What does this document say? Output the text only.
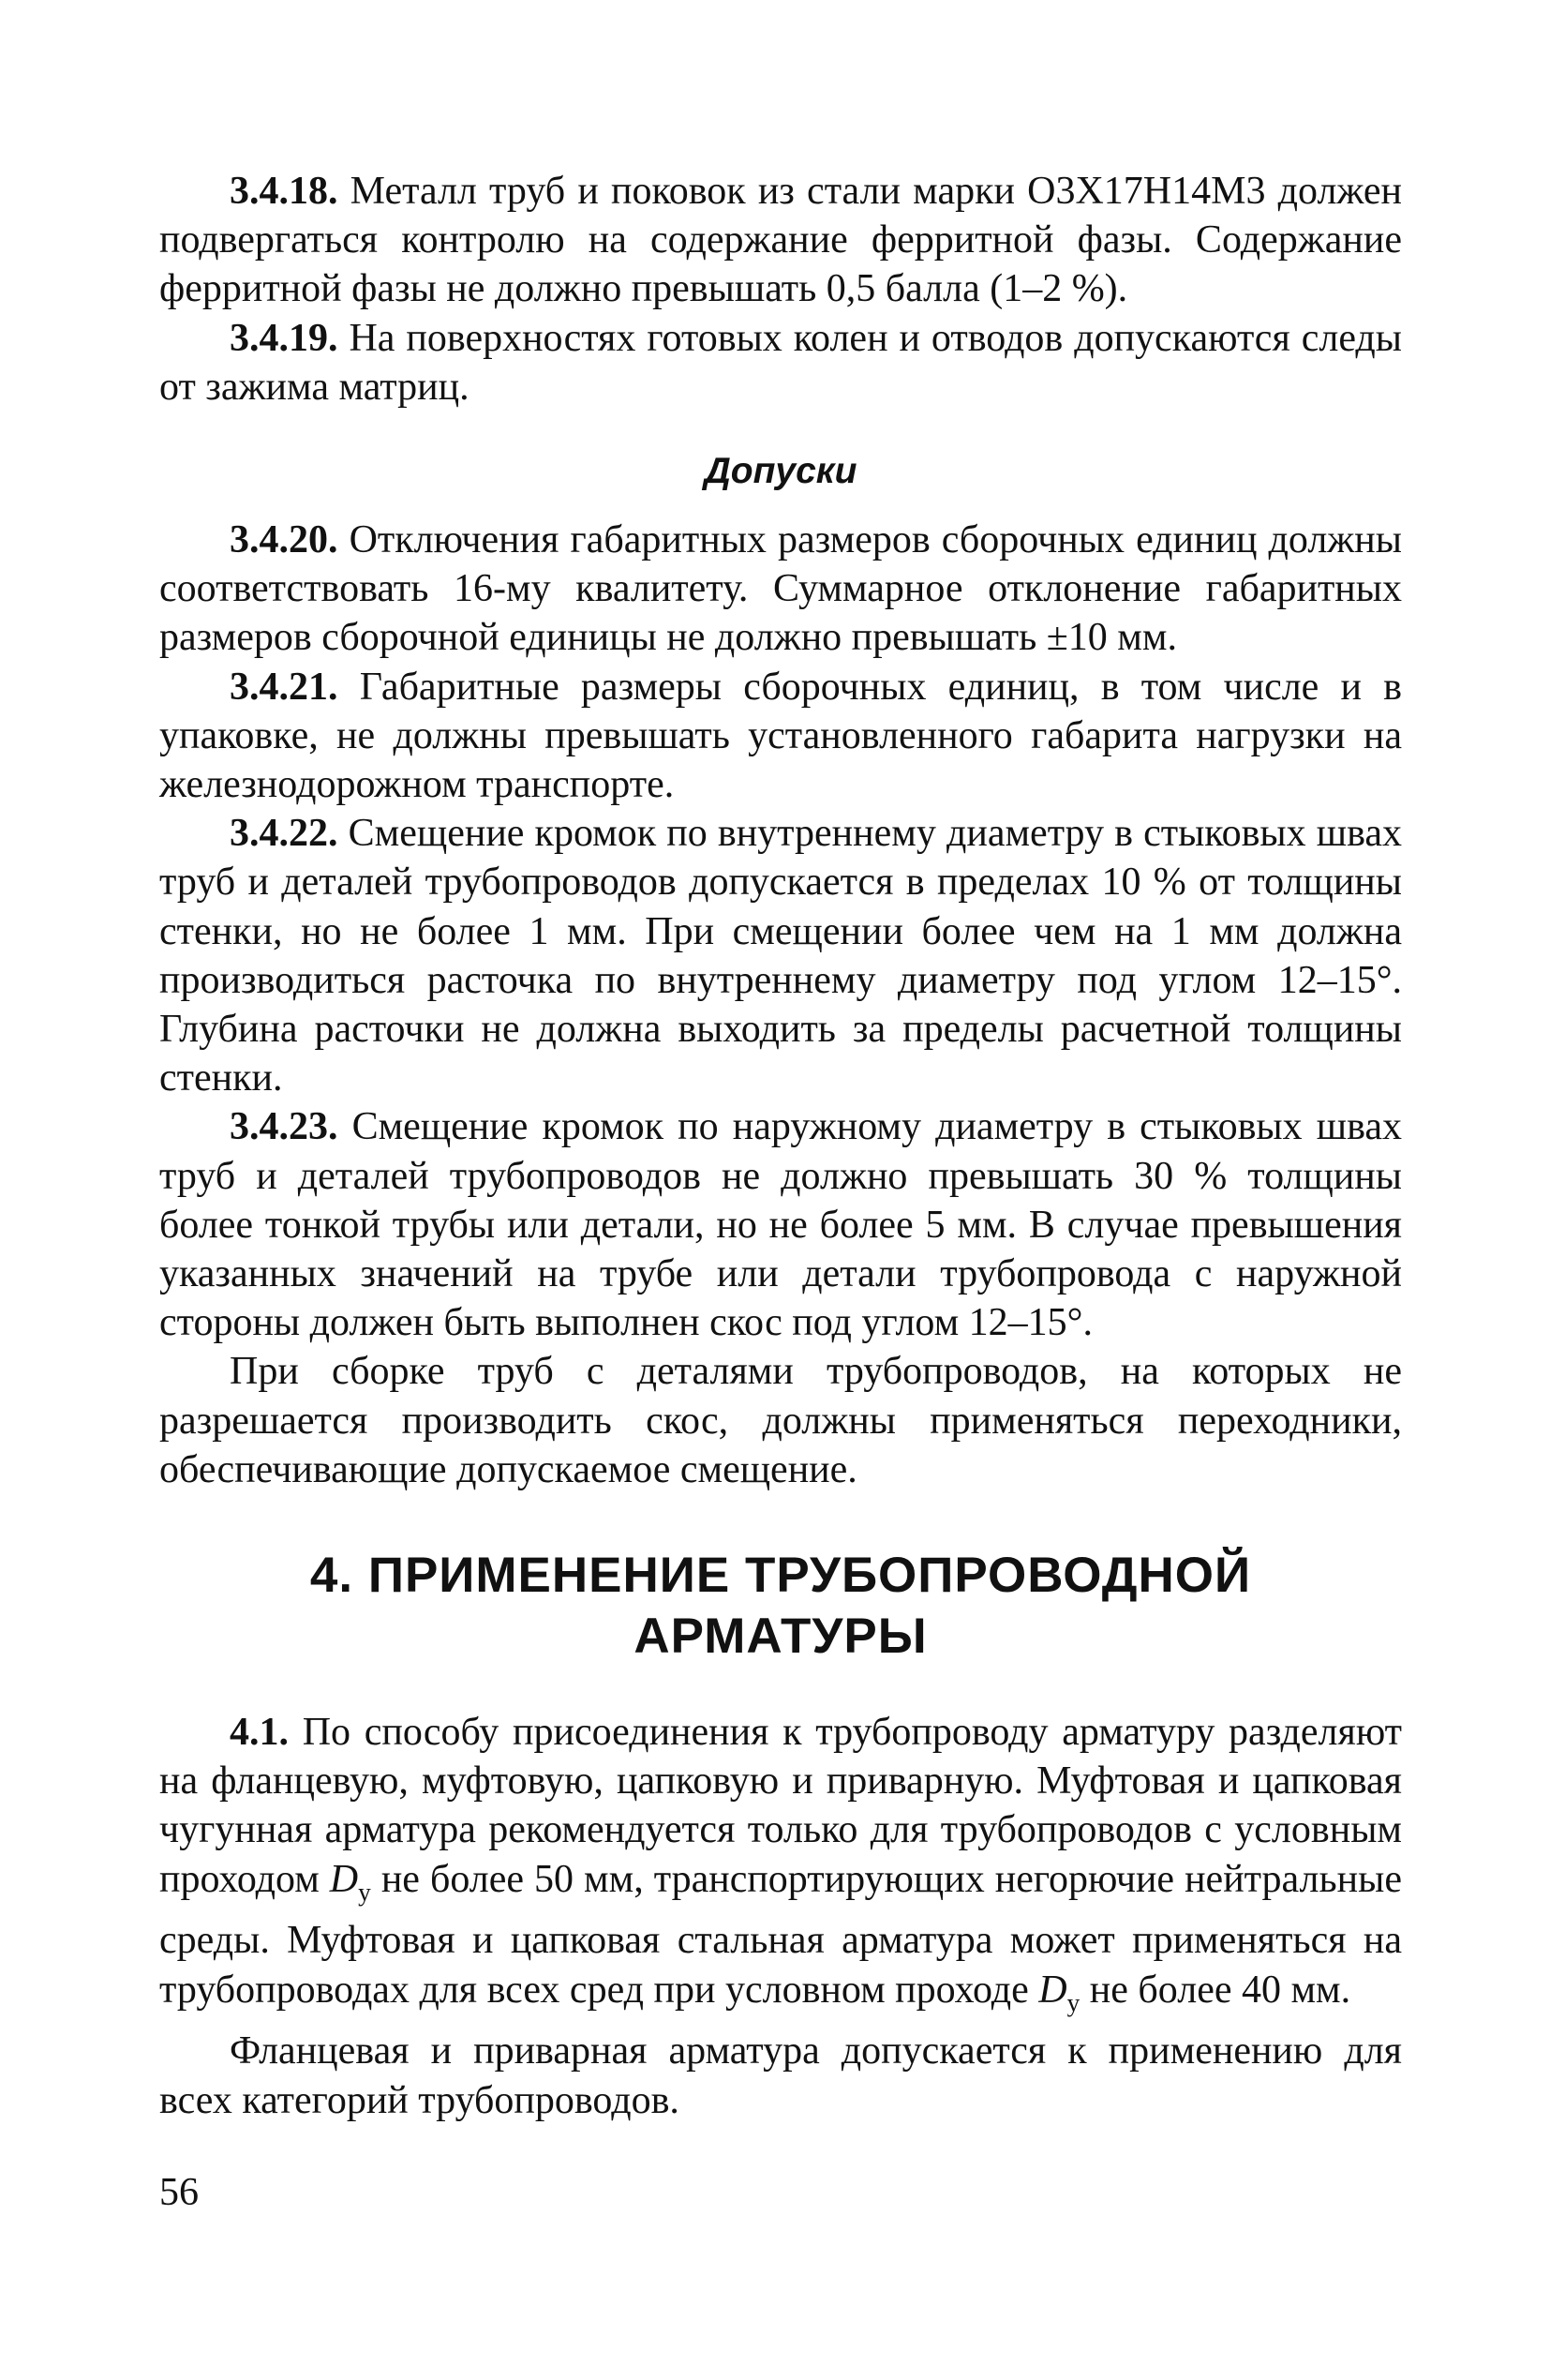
3.4.18. Металл труб и поковок из стали марки О3Х17Н14М3 должен подвергаться контролю на содержание ферритной фазы. Содержание ферритной фазы не должно превышать 0,5 балла (1–2 %).

3.4.19. На поверхностях готовых колен и отводов допускаются следы от зажима матриц.

Допуски

3.4.20. Отключения габаритных размеров сборочных единиц должны соответствовать 16-му квалитету. Суммарное отклонение габаритных размеров сборочной единицы не должно превышать ±10 мм.

3.4.21. Габаритные размеры сборочных единиц, в том числе и в упаковке, не должны превышать установленного габарита нагрузки на железнодорожном транспорте.

3.4.22. Смещение кромок по внутреннему диаметру в стыковых швах труб и деталей трубопроводов допускается в пределах 10 % от толщины стенки, но не более 1 мм. При смещении более чем на 1 мм должна производиться расточка по внутреннему диаметру под углом 12–15°. Глубина расточки не должна выходить за пределы расчетной толщины стенки.

3.4.23. Смещение кромок по наружному диаметру в стыковых швах труб и деталей трубопроводов не должно превышать 30 % толщины более тонкой трубы или детали, но не более 5 мм. В случае превышения указанных значений на трубе или детали трубопровода с наружной стороны должен быть выполнен скос под углом 12–15°.

При сборке труб с деталями трубопроводов, на которых не разрешается производить скос, должны применяться переходники, обеспечивающие допускаемое смещение.

4. ПРИМЕНЕНИЕ ТРУБОПРОВОДНОЙ
АРМАТУРЫ

4.1. По способу присоединения к трубопроводу арматуру разделяют на фланцевую, муфтовую, цапковую и приварную. Муфтовая и цапковая чугунная арматура рекомендуется только для трубопроводов с условным проходом $D_у$ не более 50 мм, транспортирующих негорючие нейтральные среды. Муфтовая и цапковая стальная арматура может применяться на трубопроводах для всех сред при условном проходе $D_у$ не более 40 мм.

Фланцевая и приварная арматура допускается к применению для всех категорий трубопроводов.

56
